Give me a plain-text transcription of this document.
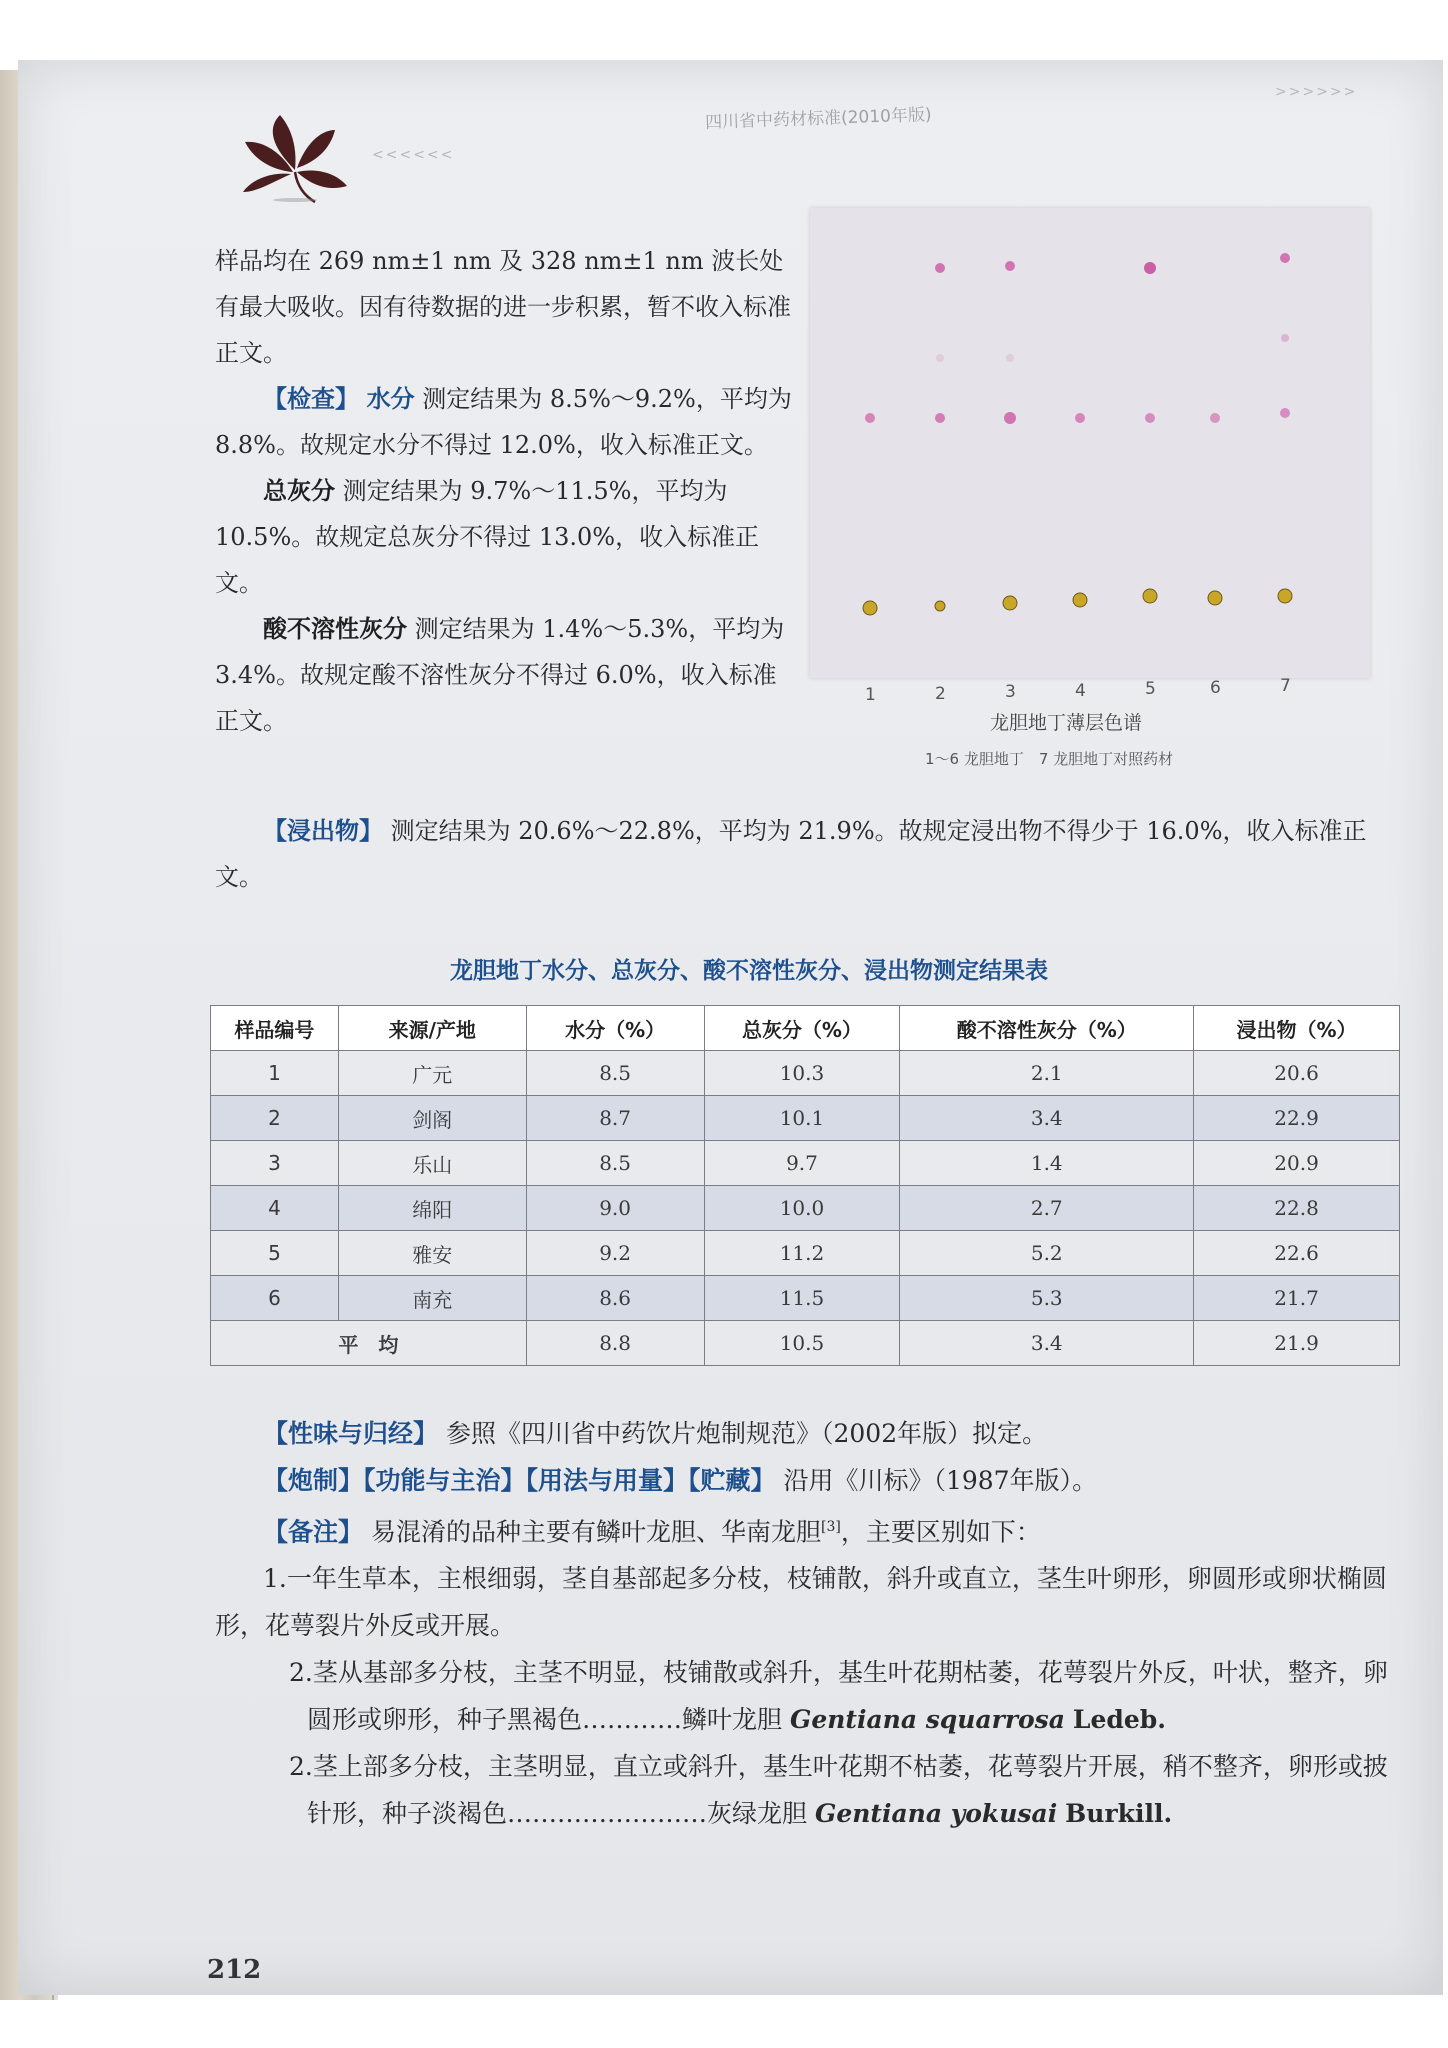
<<<<<<
四川省中药材标准(2010年版)
>>>>>>

样品均在 269 nm±1 nm 及 328 nm±1 nm 波长处有最大吸收。因有待数据的进一步积累，暂不收入标准正文。

【检查】 水分 测定结果为 8.5%～9.2%，平均为 8.8%。故规定水分不得过 12.0%，收入标准正文。

总灰分 测定结果为 9.7%～11.5%，平均为 10.5%。故规定总灰分不得过 13.0%，收入标准正文。

酸不溶性灰分 测定结果为 1.4%～5.3%，平均为 3.4%。故规定酸不溶性灰分不得过 6.0%，收入标准正文。

1	2	3	4	5	6	7
龙胆地丁薄层色谱
1～6 龙胆地丁　7 龙胆地丁对照药材

【浸出物】 测定结果为 20.6%～22.8%，平均为 21.9%。故规定浸出物不得少于 16.0%，收入标准正文。

龙胆地丁水分、总灰分、酸不溶性灰分、浸出物测定结果表
样品编号	来源/产地	水分（%）	总灰分（%）	酸不溶性灰分（%）	浸出物（%）
1	广元	8.5	10.3	2.1	20.6
2	剑阁	8.7	10.1	3.4	22.9
3	乐山	8.5	9.7	1.4	20.9
4	绵阳	9.0	10.0	2.7	22.8
5	雅安	9.2	11.2	5.2	22.6
6	南充	8.6	11.5	5.3	21.7
平　均		8.8	10.5	3.4	21.9

【性味与归经】 参照《四川省中药饮片炮制规范》（2002年版）拟定。

【炮制】【功能与主治】【用法与用量】【贮藏】 沿用《川标》（1987年版）。

【备注】 易混淆的品种主要有鳞叶龙胆、华南龙胆[3]，主要区别如下：

1.一年生草本，主根细弱，茎自基部起多分枝，枝铺散，斜升或直立，茎生叶卵形，卵圆形或卵状椭圆形，花萼裂片外反或开展。

2.茎从基部多分枝，主茎不明显，枝铺散或斜升，基生叶花期枯萎，花萼裂片外反，叶状，整齐，卵圆形或卵形，种子黑褐色…………鳞叶龙胆 Gentiana squarrosa Ledeb.

2.茎上部多分枝，主茎明显，直立或斜升，基生叶花期不枯萎，花萼裂片开展，稍不整齐，卵形或披针形，种子淡褐色……………………灰绿龙胆 Gentiana yokusai Burkill.

212
